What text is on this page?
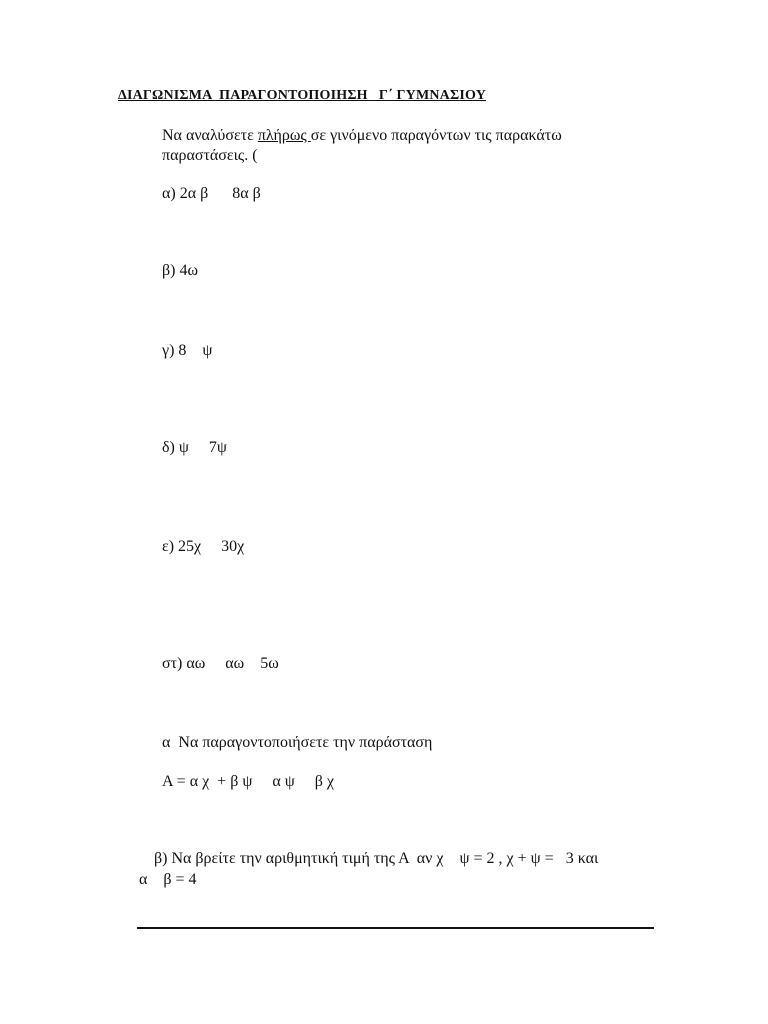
ΔΙΑΓΩΝΙΣΜΑ  ΠΑΡΑΓΟΝΤΟΠΟΙΗΣΗ   Γ΄ ΓΥΜΝΑΣΙΟΥ
Να αναλύσετε πλήρως σε γινόμενο παραγόντων τις παρακάτω
παραστάσεις. (
α) 2α β      8α β
β) 4ω
γ) 8    ψ
δ) ψ     7ψ
ε) 25χ     30χ
στ) αω     αω    5ω
α  Να παραγοντοποιήσετε την παράσταση
Α = α χ  + β ψ     α ψ     β χ
β) Να βρείτε την αριθμητική τιμή της Α  αν χ    ψ = 2 , χ + ψ =   3 και
α    β = 4
